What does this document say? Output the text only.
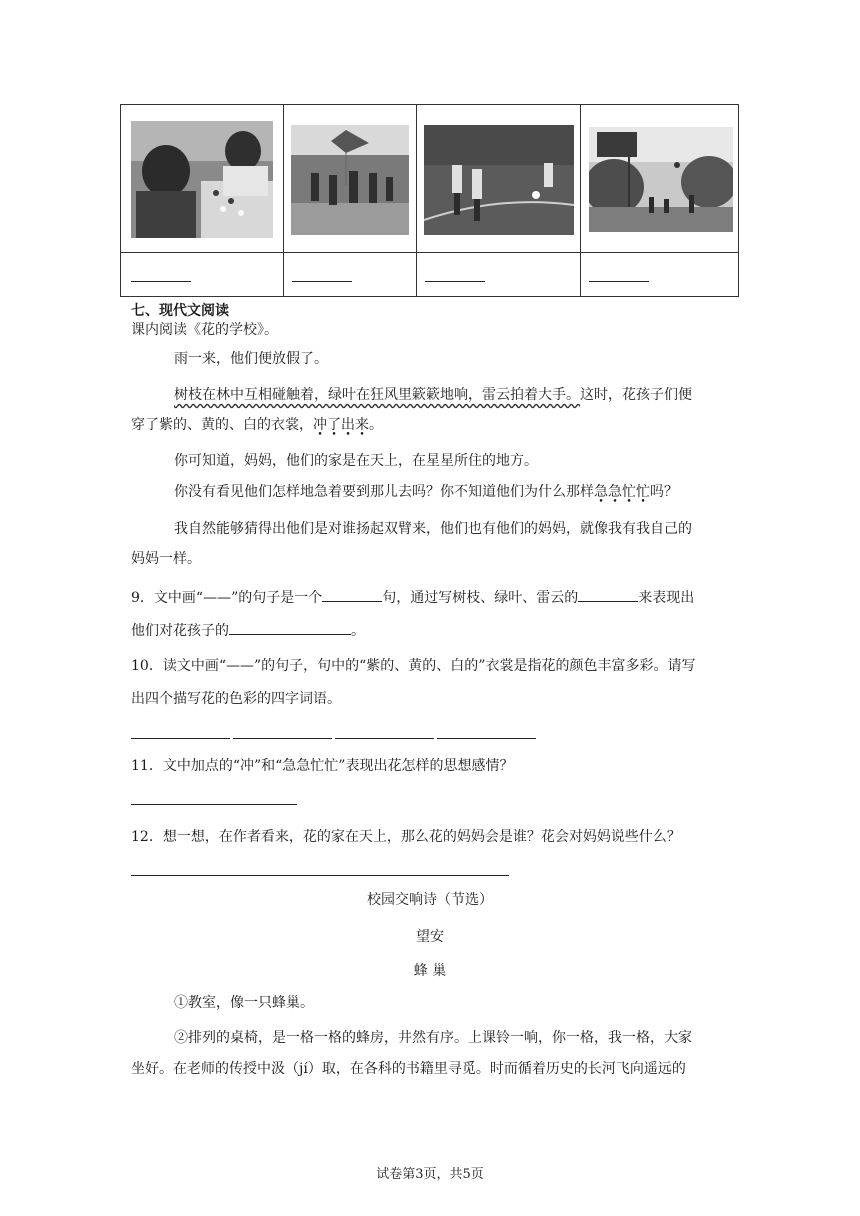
七、现代文阅读
课内阅读《花的学校》。
雨一来，他们便放假了。
树枝在林中互相碰触着，绿叶在狂风里簌簌地响，雷云拍着大手。这时，花孩子们便
穿了紫的、黄的、白的衣裳，冲了出来。
你可知道，妈妈，他们的家是在天上，在星星所住的地方。
你没有看见他们怎样地急着要到那儿去吗？你不知道他们为什么那样急急忙忙吗？
我自然能够猜得出他们是对谁扬起双臂来，他们也有他们的妈妈，就像我有我自己的
妈妈一样。
9．文中画“——”的句子是一个	句，通过写树枝、绿叶、雷云的	来表现出
他们对花孩子的	。
10．读文中画“——”的句子，句中的“紫的、黄的、白的”衣裳是指花的颜色丰富多彩。请写
出四个描写花的色彩的四字词语。
11．文中加点的“冲”和“急急忙忙”表现出花怎样的思想感情？
12．想一想，在作者看来，花的家在天上，那么花的妈妈会是谁？花会对妈妈说些什么？
校园交响诗（节选）
望安
蜂 巢
①教室，像一只蜂巢。
②排列的桌椅，是一格一格的蜂房，井然有序。上课铃一响，你一格，我一格，大家
坐好。在老师的传授中汲（jí）取，在各科的书籍里寻觅。时而循着历史的长河飞向遥远的
试卷第3页，共5页
